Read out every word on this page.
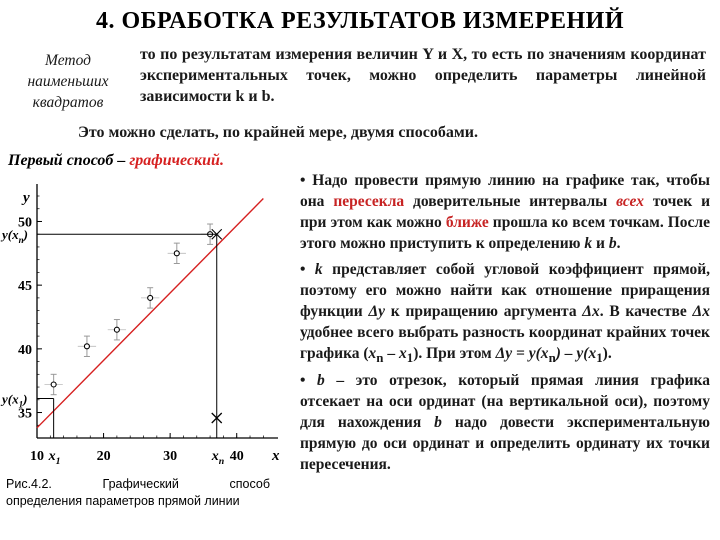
4. ОБРАБОТКА РЕЗУЛЬТАТОВ ИЗМЕРЕНИЙ
Метод
наименьших
квадратов
то по результатам измерения величин Y и X, то есть по значениям координат экспериментальных точек, можно определить параметры линейной зависимости k и b.
Это можно сделать, по крайней мере, двумя способами.
Первый способ – графический.
35
40
45
50
10	20	30	40
y
x
$x_1$
$y(x_1)$
$x_n$
$y(x_n)$
Рис.4.2.	Графический	способ
определения параметров прямой линии

• Надо провести прямую линию на графике так, чтобы она пересекла доверительные интервалы всех точек и при этом как можно ближе прошла ко всем точкам. После этого можно приступить к определению k и b.

• k представляет собой угловой коэффициент прямой, поэтому его можно найти как отношение приращения функции Δy к приращению аргумента Δx. В качестве Δx удобнее всего выбрать разность координат крайних точек графика $(x_n - x_1)$. При этом $\Delta y = y(x_n) - y(x_1)$.

• b – это отрезок, который прямая линия графика отсекает на оси ординат (на вертикальной оси), поэтому для нахождения b надо довести экспериментальную прямую до оси ординат и определить ординату их точки пересечения.
